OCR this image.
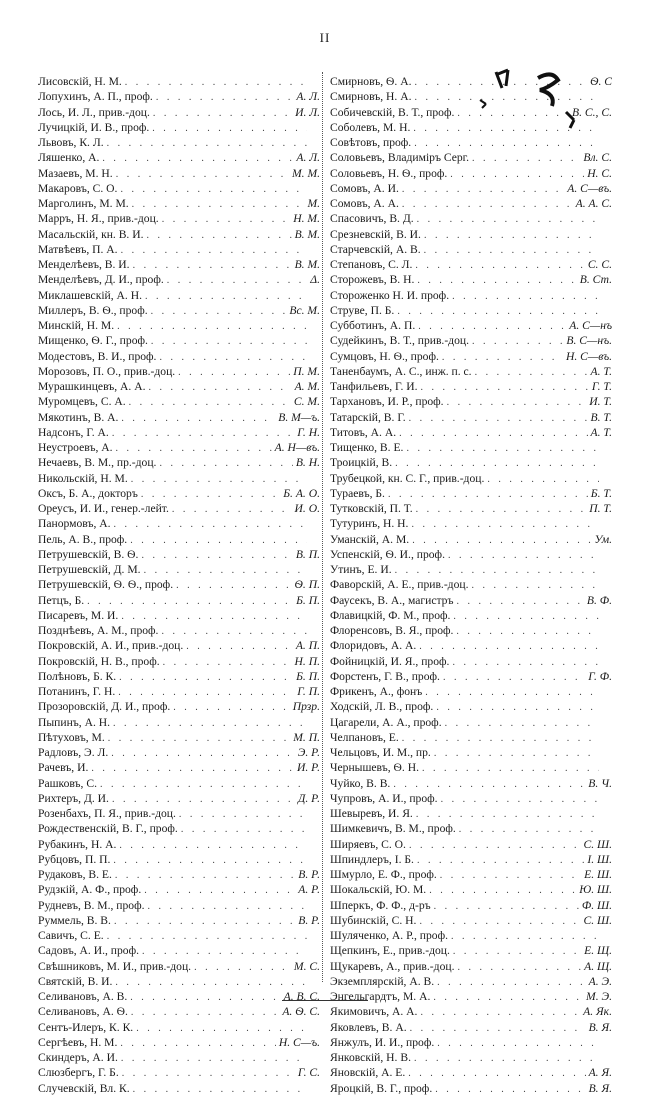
II
Лисовскій, Н. М.
. . .
Лопухинъ, А. П., проф. . . .	А. Л.
Лось, И. Л., прив.-доц. . . .	И. Л.
Лучицкій, И. В., проф.
. . .
Львовъ, К. Л.
. . .
Ляшенко, А. . . .	А. Л.
Мазаевъ, М. Н. . . .	М. М.
Макаровъ, С. О.
. . .
Марголинъ, М. М. . . .	М.
Марръ, Н. Я., прив.-доц. . . .	Н. М.
Масальскій, кн. В. И. . . .	В. М.
Матвѣевъ, П. А.
. . .
Менделѣевъ, В. И. . . .	В. М.
Менделѣевъ, Д. И., проф. . . .	Δ.
Миклашевскій, А. Н.
. . .
Миллеръ, В. Ѳ., проф. . . .	Вс. М.
Минскій, Н. М.
. . .
Мищенко, Ѳ. Г., проф.
. . .
Модестовъ, В. И., проф.
. . .
Морозовъ, П. О., прив.-доц. . . .	П. М.
Мурашкинцевъ, А. А. . . .	А. М.
Муромцевъ, С. А. . . .	С. М.
Мякотинъ, В. А. . . .	В. М—ъ.
Надсонъ, Г. А. . . .	Г. Н.
Неустроевъ, А. . . .	А. Н—въ.
Нечаевъ, В. М., пр.-доц. . . .	В. Н.
Никольскій, Н. М.
. . .
Оксъ, Б. А., докторъ . . .	Б. А. О.
Ореусъ, И. И., генер.-лейт. . . .	И. О.
Панормовъ, А.
. . .
Пель, А. В., проф.
. . .
Петрушевскій, В. Ѳ. . . .	В. П.
Петрушевскій, Д. М.
. . .
Петрушевскій, Ѳ. Ѳ., проф. . . .	Ѳ. П.
Петцъ, Б. . . .	Б. П.
Писаревъ, М. И.
. . .
Позднѣевъ, А. М., проф.
. . .
Покровскій, А. И., прив.-доц. . . .	А. П.
Покровскій, Н. В., проф. . . .	Н. П.
Полѣновъ, Б. К. . . .	Б. П.
Потанинъ, Г. Н. . . .	Г. П.
Прозоровскій, Д. И., проф. . . .	Прзр.
Пыпинъ, А. Н.
. . .
Пѣтуховъ, М. . . .	М. П.
Радловъ, Э. Л. . . .	Э. Р.
Рачевъ, И. . . .	И. Р.
Рашковъ, С.
. . .
Рихтеръ, Д. И. . . .	Д. Р.
Розенбахъ, П. Я., прив.-доц.
. . .
Рождественскій, В. Г., проф.
. . .
Рубакинъ, Н. А.
. . .
Рубцовъ, П. П.
. . .
Рудаковъ, В. Е. . . .	В. Р.
Рудзкій, А. Ф., проф. . . .	А. Р.
Рудневъ, В. М., проф.
. . .
Руммель, В. В. . . .	В. Р.
Савичъ, С. Е.
. . .
Садовъ, А. И., проф.
. . .
Свѣшниковъ, М. И., прив.-доц. . . .	М. С.
Святскій, В. И.
. . .
Селивановъ, А. В. . . .	А. В. С.
Селивановъ, А. Ѳ. . . .	А. Ѳ. С.
Сентъ-Илеръ, К. К.
. . .
Сергѣевъ, Н. М. . . .	Н. С—ъ.
Скиндеръ, А. И.
. . .
Слюзбергъ, Г. Б. . . .	Г. С.
Случевскій, Вл. К.
. . .
Смирновъ, Ѳ. А. . . .	Ѳ. С
Смирновъ, Н. А.
. . .
Собичевскій, В. Т., проф. . . .	В. С., С.
Соболевъ, М. Н.
. . .
Совѣтовъ, проф.
. . .
Соловьевъ, Владиміръ Серг. . . .	Вл. С.
Соловьевъ, Н. Ѳ., проф. . . .	Н. С.
Сомовъ, А. И. . . .	А. С—въ.
Сомовъ, А. А. . . .	А. А. С.
Спасовичъ, В. Д.
. . .
Срезневскій, В. И.
. . .
Старчевскій, А. В.
. . .
Степановъ, С. Л. . . .	С. С.
Сторожевъ, В. Н. . . .	В. Ст.
Стороженко Н. И. проф.
. . .
Струве, П. Б.
. . .
Субботинъ, А. П. . . .	А. С—нъ
Судейкинъ, В. Т., прив.-доц. . . .	В. С—нъ.
Сумцовъ, Н. Ѳ., проф. . . .	Н. С—въ.
Таненбаумъ, А. С., инж. п. с. . . .	А. Т.
Танфильевъ, Г. И. . . .	Г. Т.
Тархановъ, И. Р., проф. . . .	И. Т.
Татарскій, В. Г. . . .	В. Т.
Титовъ, А. А. . . .	А. Т.
Тищенко, В. Е.
. . .
Троицкій, В.
. . .
Трубецкой, кн. С. Г., прив.-доц.
. . .
Тураевъ, Б. . . .	Б. Т.
Тутковскій, П. Т. . . .	П. Т.
Тутуринъ, Н. Н.
. . .
Уманскій, А. М. . . .	Ум.
Успенскій, Ѳ. И., проф.
. . .
Утинъ, Е. И.
. . .
Фаворскій, А. Е., прив.-доц.
. . .
Фаусекъ, В. А., магистръ . . .	В. Ф.
Флавицкій, Ф. М., проф.
. . .
Флоренсовъ, В. Я., проф.
. . .
Флоридовъ, А. А.
. . .
Фойницкій, И. Я., проф.
. . .
Форстенъ, Г. В., проф. . . .	Г. Ф.
Фрикенъ, А., фонъ
. . .
Ходскій, Л. В., проф.
. . .
Цагарели, А. А., проф.
. . .
Челпановъ, Е.
. . .
Чельцовъ, И. М., пр.
. . .
Чернышевъ, Ѳ. Н.
. . .
Чуйко, В. В. . . .	В. Ч.
Чупровъ, А. И., проф.
. . .
Шевыревъ, И. Я.
. . .
Шимкевичъ, В. М., проф.
. . .
Ширяевъ, С. О. . . .	С. Ш.
Шпиндлеръ, І. Б. . . .	І. Ш.
Шмурло, Е. Ф., проф. . . .	Е. Ш.
Шокальскій, Ю. М. . . .	Ю. Ш.
Шперкъ, Ф. Ф., д-ръ . . .	Ф. Ш.
Шубинскій, С. Н. . . .	С. Ш.
Шуляченко, А. Р., проф.
. . .
Щепкинъ, Е., прив.-доц. . . .	Е. Щ.
Щукаревъ, А., прив.-доц. . . .	А. Щ.
Экземплярскій, А. В. . . .	А. Э.
Энгельгардтъ, М. А. . . .	М. Э.
Якимовичъ, А. А. . . .	А. Як.
Яковлевъ, В. А. . . .	В. Я.
Янжулъ, И. И., проф.
. . .
Янковскій, Н. В.
. . .
Яновскій, А. Е. . . .	А. Я.
Яроцкій, В. Г., проф. . . .	В. Я.
